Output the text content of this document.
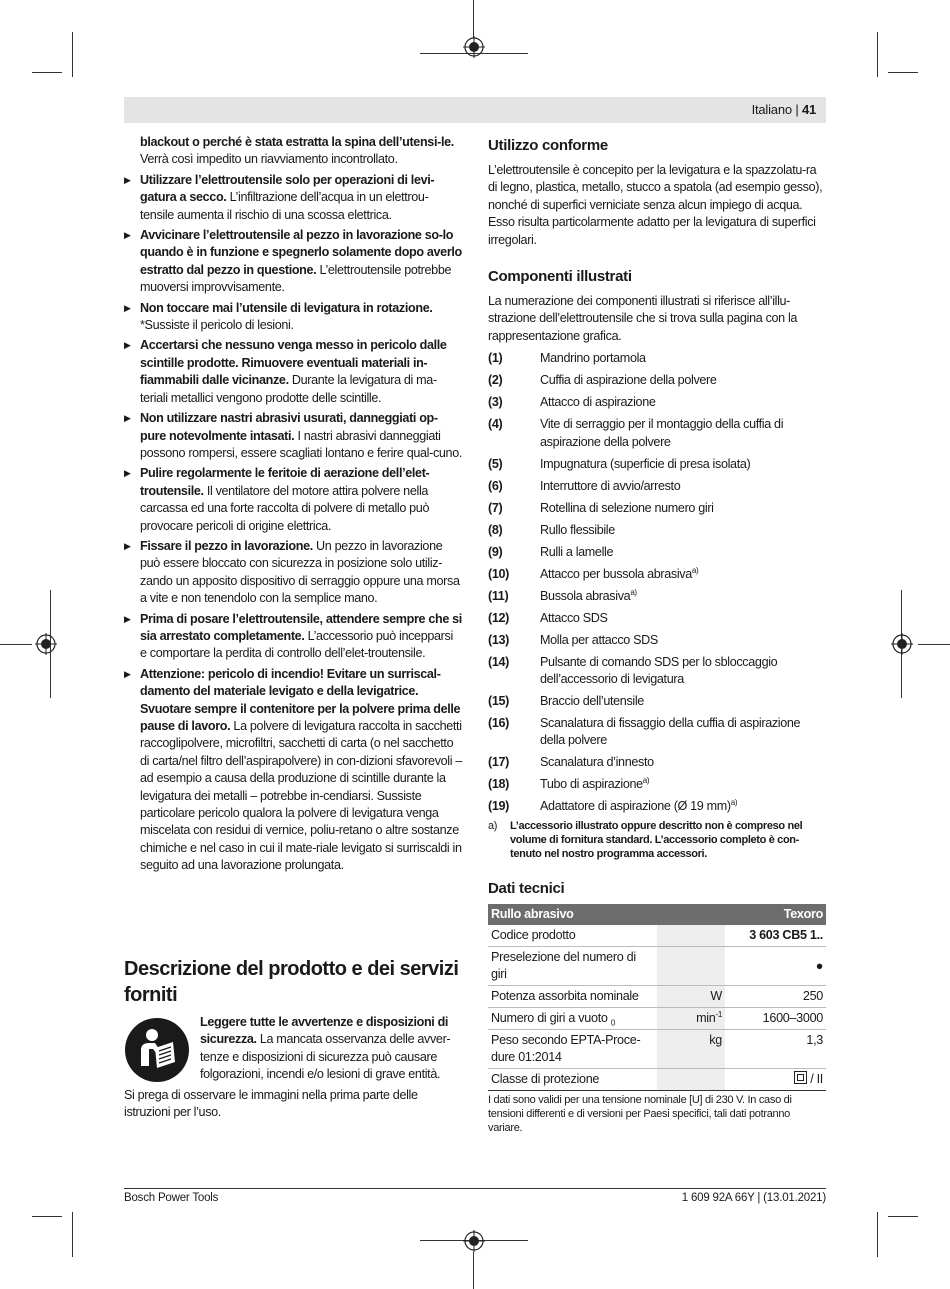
Italiano | 41

blackout o perché è stata estratta la spina dell’utensi-le. Verrà così impedito un riavviamento incontrollato.

▶ Utilizzare l’elettroutensile solo per operazioni di levi-gatura a secco. L’infiltrazione dell’acqua in un elettrou-tensile aumenta il rischio di una scossa elettrica.
▶ Avvicinare l’elettroutensile al pezzo in lavorazione so-lo quando è in funzione e spegnerlo solamente dopo averlo estratto dal pezzo in questione. L’elettroutensile potrebbe muoversi improvvisamente.
▶ Non toccare mai l’utensile di levigatura in rotazione. *Sussiste il pericolo di lesioni.
▶ Accertarsi che nessuno venga messo in pericolo dalle scintille prodotte. Rimuovere eventuali materiali in-fiammabili dalle vicinanze. Durante la levigatura di ma-teriali metallici vengono prodotte delle scintille.
▶ Non utilizzare nastri abrasivi usurati, danneggiati op-pure notevolmente intasati. I nastri abrasivi danneggiati possono rompersi, essere scagliati lontano e ferire qual-cuno.
▶ Pulire regolarmente le feritoie di aerazione dell’elet-troutensile. Il ventilatore del motore attira polvere nella carcassa ed una forte raccolta di polvere di metallo può provocare pericoli di origine elettrica.
▶ Fissare il pezzo in lavorazione. Un pezzo in lavorazione può essere bloccato con sicurezza in posizione solo utiliz-zando un apposito dispositivo di serraggio oppure una morsa a vite e non tenendolo con la semplice mano.
▶ Prima di posare l’elettroutensile, attendere sempre che si sia arrestato completamente. L’accessorio può incepparsi e comportare la perdita di controllo dell’elet-troutensile.
▶ Attenzione: pericolo di incendio! Evitare un surriscal-damento del materiale levigato e della levigatrice. Svuotare sempre il contenitore per la polvere prima delle pause di lavoro. La polvere di levigatura raccolta in sacchetti raccoglipolvere, microfiltri, sacchetti di carta (o nel sacchetto di carta/nel filtro dell’aspirapolvere) in con-dizioni sfavorevoli – ad esempio a causa della produzione di scintille durante la levigatura dei metalli – potrebbe in-cendiarsi. Sussiste particolare pericolo qualora la polvere di levigatura venga miscelata con residui di vernice, poliu-retano o altre sostanze chimiche e nel caso in cui il mate-riale levigato si surriscaldi in seguito ad una lavorazione prolungata.
Descrizione del prodotto e dei servizi forniti
Leggere tutte le avvertenze e disposizioni di sicurezza. La mancata osservanza delle avver-tenze e disposizioni di sicurezza può causare folgorazioni, incendi e/o lesioni di grave entità.
Si prega di osservare le immagini nella prima parte delle istruzioni per l’uso.
Utilizzo conforme

L’elettroutensile è concepito per la levigatura e la spazzolatu-ra di legno, plastica, metallo, stucco a spatola (ad esempio gesso), nonché di superfici verniciate senza alcun impiego di acqua. Esso risulta particolarmente adatto per la levigatura di superfici irregolari.

Componenti illustrati

La numerazione dei componenti illustrati si riferisce all’illu-strazione dell’elettroutensile che si trova sulla pagina con la rappresentazione grafica.

(1)	Mandrino portamola
(2)	Cuffia di aspirazione della polvere
(3)	Attacco di aspirazione
(4)	Vite di serraggio per il montaggio della cuffia di aspirazione della polvere
(5)	Impugnatura (superficie di presa isolata)
(6)	Interruttore di avvio/arresto
(7)	Rotellina di selezione numero giri
(8)	Rullo flessibile
(9)	Rulli a lamelle
(10)	Attacco per bussola abrasiva$^{a)}$
(11)	Bussola abrasiva$^{a)}$
(12)	Attacco SDS
(13)	Molla per attacco SDS
(14)	Pulsante di comando SDS per lo sbloccaggio dell’accessorio di levigatura
(15)	Braccio dell’utensile
(16)	Scanalatura di fissaggio della cuffia di aspirazione della polvere
(17)	Scanalatura d’innesto
(18)	Tubo di aspirazione$^{a)}$
(19)	Adattatore di aspirazione (Ø 19 mm)$^{a)}$
a)	L’accessorio illustrato oppure descritto non è compreso nel volume di fornitura standard. L’accessorio completo è con-tenuto nel nostro programma accessori.
Dati tecnici
Rullo abrasivo		Texoro
Codice prodotto		3 603 CB5 1..
Preselezione del numero di giri		●
Potenza assorbita nominale	W	250
Numero di giri a vuoto $_0$	$\min^{-1}$	1600–3000
Peso secondo EPTA-Proce-dure 01:2014	kg	1,3
Classe di protezione		/ II
I dati sono validi per una tensione nominale [U] di 230 V. In caso di tensioni differenti e di versioni per Paesi specifici, tali dati potranno variare.
Bosch Power Tools	1 609 92A 66Y | (13.01.2021)
